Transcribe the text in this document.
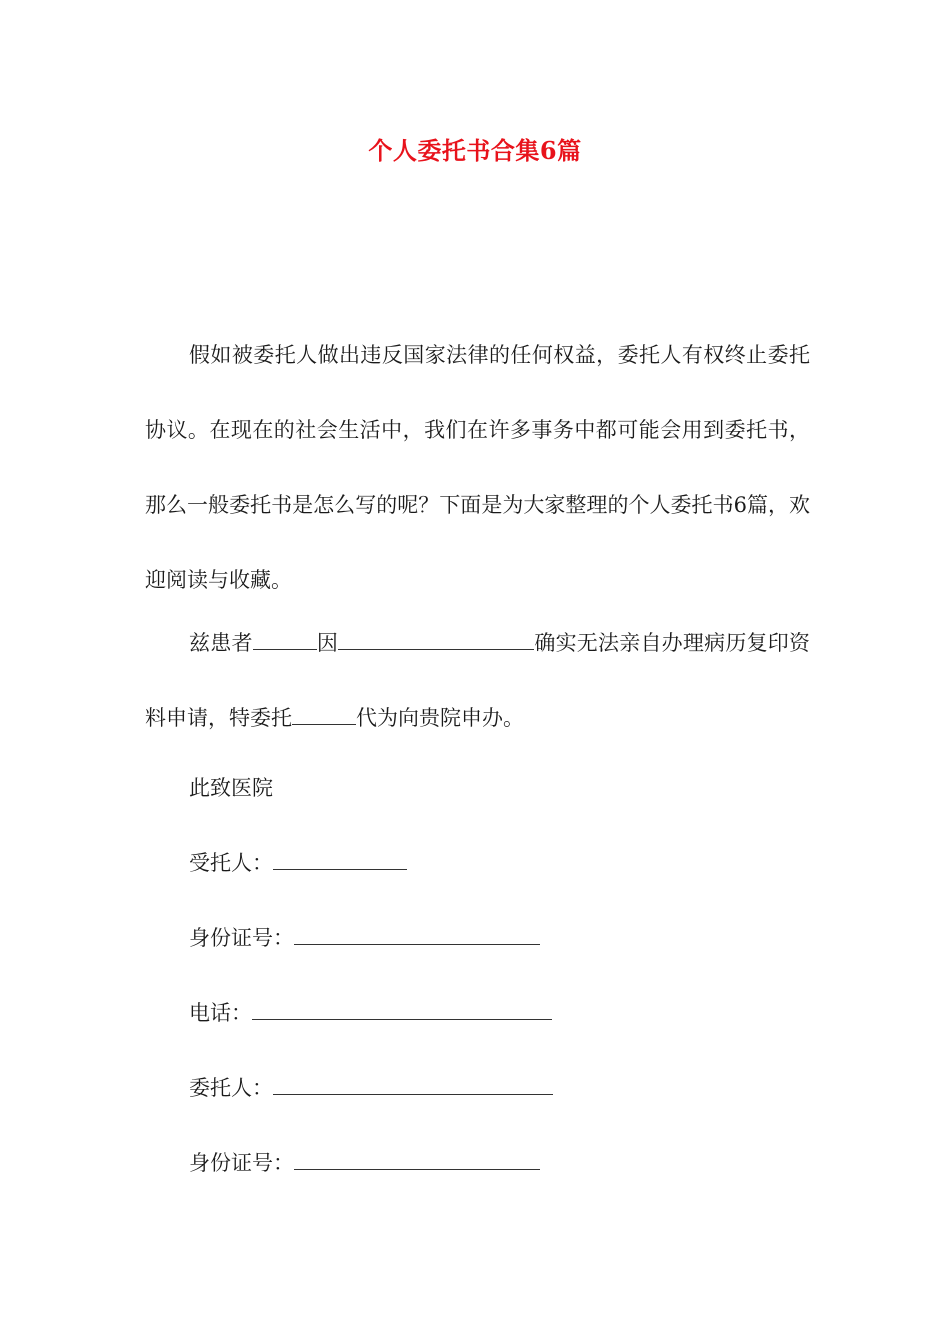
个人委托书合集6篇

假如被委托人做出违反国家法律的任何权益，委托人有权终止委托协议。在现在的社会生活中，我们在许多事务中都可能会用到委托书，那么一般委托书是怎么写的呢？下面是为大家整理的个人委托书6篇，欢迎阅读与收藏。

兹患者	因	确实无法亲自办理病历复印资料申请，特委托	代为向贵院申办。

此致医院
受托人：
身份证号：
电话：
委托人：
身份证号：
